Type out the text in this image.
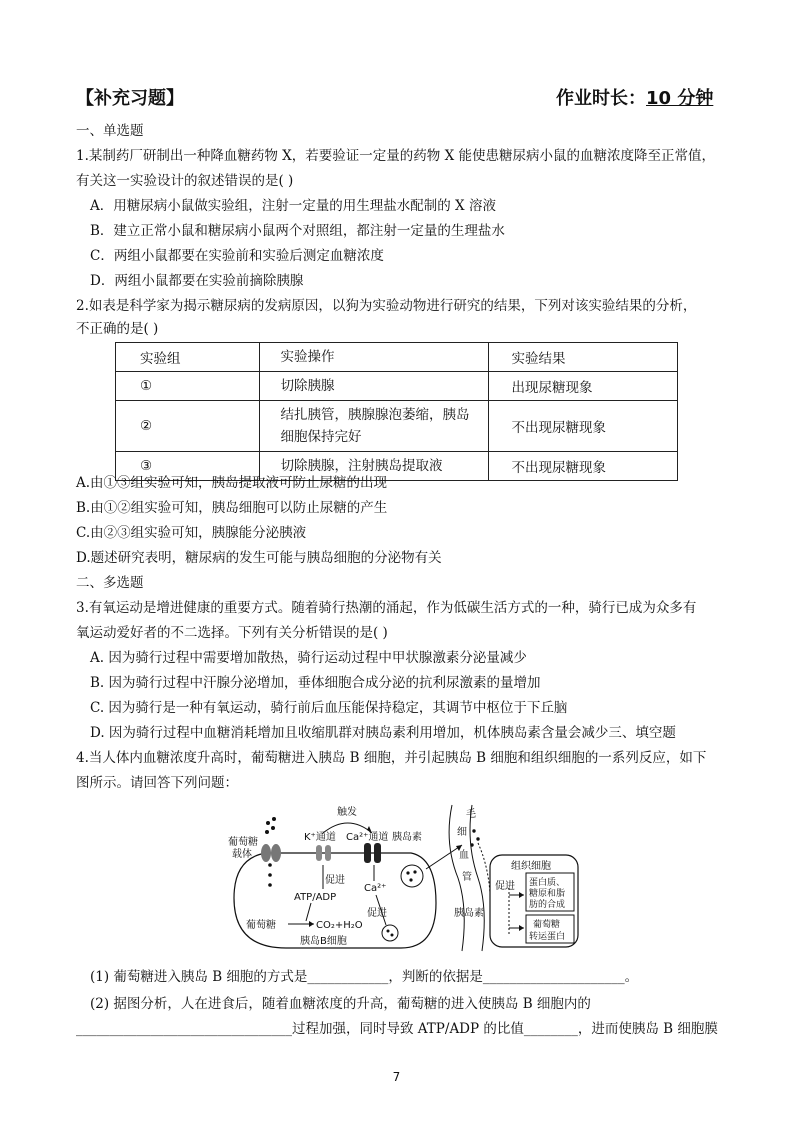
【补充习题】	作业时长：10 分钟
一、单选题
1.某制药厂研制出一种降血糖药物 X，若要验证一定量的药物 X 能使患糖尿病小鼠的血糖浓度降至正常值，
有关这一实验设计的叙述错误的是( )
A．用糖尿病小鼠做实验组，注射一定量的用生理盐水配制的 X 溶液
B．建立正常小鼠和糖尿病小鼠两个对照组，都注射一定量的生理盐水
C．两组小鼠都要在实验前和实验后测定血糖浓度
D．两组小鼠都要在实验前摘除胰腺
2.如表是科学家为揭示糖尿病的发病原因，以狗为实验动物进行研究的结果，下列对该实验结果的分析，
不正确的是( )
实验组	实验操作	实验结果
①	切除胰腺	出现尿糖现象
②	结扎胰管，胰腺腺泡萎缩，胰岛细胞保持完好	不出现尿糖现象
③	切除胰腺，注射胰岛提取液	不出现尿糖现象
A.由①③组实验可知，胰岛提取液可防止尿糖的出现
B.由①②组实验可知，胰岛细胞可以防止尿糖的产生
C.由②③组实验可知，胰腺能分泌胰液
D.题述研究表明，糖尿病的发生可能与胰岛细胞的分泌物有关
二、多选题
3.有氧运动是增进健康的重要方式。随着骑行热潮的涌起，作为低碳生活方式的一种，骑行已成为众多有
氧运动爱好者的不二选择。下列有关分析错误的是( )
A. 因为骑行过程中需要增加散热，骑行运动过程中甲状腺激素分泌量减少
B. 因为骑行过程中汗腺分泌增加，垂体细胞合成分泌的抗利尿激素的量增加
C. 因为骑行是一种有氧运动，骑行前后血压能保持稳定，其调节中枢位于下丘脑
D. 因为骑行过程中血糖消耗增加且收缩肌群对胰岛素利用增加，机体胰岛素含量会减少三、填空题
4.当人体内血糖浓度升高时，葡萄糖进入胰岛 B 细胞，并引起胰岛 B 细胞和组织细胞的一系列反应，如下
图所示。请回答下列问题：
葡萄糖
载体
K⁺通道 Ca²⁺通道
触发
胰岛素
促进
ATP/ADP
Ca²⁺
促进
葡萄糖	CO₂+H₂O
胰岛B细胞
毛
细
血
管
胰岛素
组织细胞
促进 蛋白质、
糖原和脂
肪的合成
葡萄糖
转运蛋白
(1) 葡萄糖进入胰岛 B 细胞的方式是____________，判断的依据是_____________________。
(2) 据图分析，人在进食后，随着血糖浓度的升高，葡萄糖的进入使胰岛 B 细胞内的
________________________________过程加强，同时导致 ATP/ADP 的比值________，进而使胰岛 B 细胞膜
7
